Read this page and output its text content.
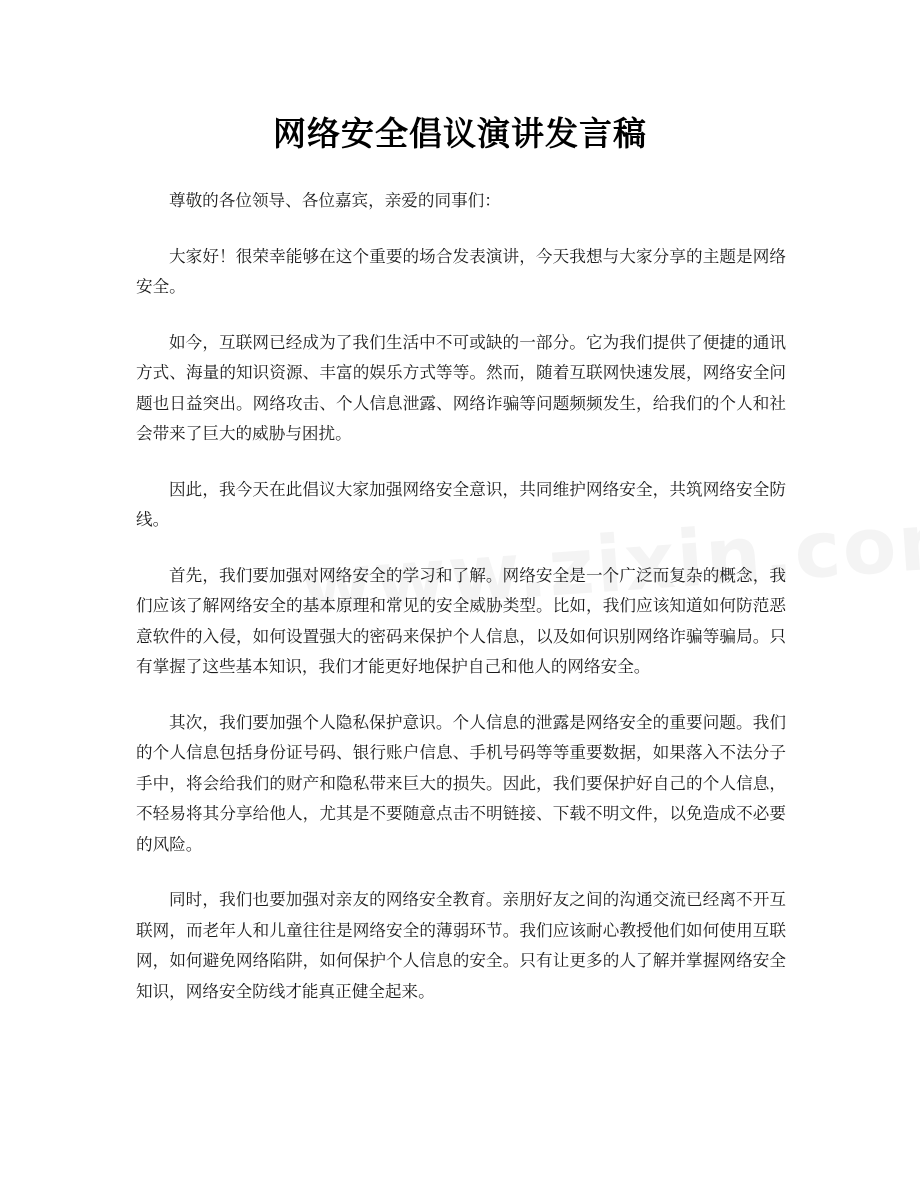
网络安全倡议演讲发言稿

尊敬的各位领导、各位嘉宾，亲爱的同事们：

大家好！很荣幸能够在这个重要的场合发表演讲，今天我想与大家分享的主题是网络安全。

如今，互联网已经成为了我们生活中不可或缺的一部分。它为我们提供了便捷的通讯方式、海量的知识资源、丰富的娱乐方式等等。然而，随着互联网快速发展，网络安全问题也日益突出。网络攻击、个人信息泄露、网络诈骗等问题频频发生，给我们的个人和社会带来了巨大的威胁与困扰。

因此，我今天在此倡议大家加强网络安全意识，共同维护网络安全，共筑网络安全防线。

首先，我们要加强对网络安全的学习和了解。网络安全是一个广泛而复杂的概念，我们应该了解网络安全的基本原理和常见的安全威胁类型。比如，我们应该知道如何防范恶意软件的入侵，如何设置强大的密码来保护个人信息，以及如何识别网络诈骗等骗局。只有掌握了这些基本知识，我们才能更好地保护自己和他人的网络安全。

其次，我们要加强个人隐私保护意识。个人信息的泄露是网络安全的重要问题。我们的个人信息包括身份证号码、银行账户信息、手机号码等等重要数据，如果落入不法分子手中，将会给我们的财产和隐私带来巨大的损失。因此，我们要保护好自己的个人信息，不轻易将其分享给他人，尤其是不要随意点击不明链接、下载不明文件，以免造成不必要的风险。

同时，我们也要加强对亲友的网络安全教育。亲朋好友之间的沟通交流已经离不开互联网，而老年人和儿童往往是网络安全的薄弱环节。我们应该耐心教授他们如何使用互联网，如何避免网络陷阱，如何保护个人信息的安全。只有让更多的人了解并掌握网络安全知识，网络安全防线才能真正健全起来。
